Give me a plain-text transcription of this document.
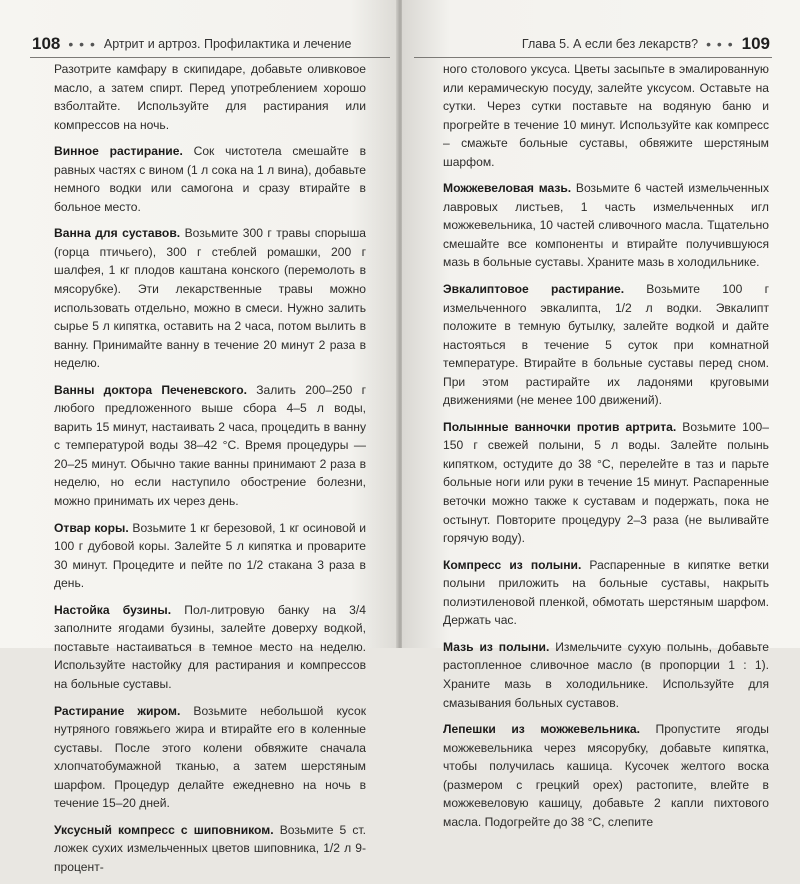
108 • • • Артрит и артроз. Профилактика и лечение

Разотрите камфару в скипидаре, добавьте оливковое масло, а затем спирт. Перед употреблением хорошо взболтайте. Используйте для растирания или компрессов на ночь.

Винное растирание. Сок чистотела смешайте в равных частях с вином (1 л сока на 1 л вина), добавьте немного водки или самогона и сразу втирайте в больное место.

Ванна для суставов. Возьмите 300 г травы спорыша (горца птичьего), 300 г стеблей ромашки, 200 г шалфея, 1 кг плодов каштана конского (перемолоть в мясорубке). Эти лекарственные травы можно использовать отдельно, можно в смеси. Нужно залить сырье 5 л кипятка, оставить на 2 часа, потом вылить в ванну. Принимайте ванну в течение 20 минут 2 раза в неделю.

Ванны доктора Печеневского. Залить 200–250 г любого предложенного выше сбора 4–5 л воды, варить 15 минут, настаивать 2 часа, процедить в ванну с температурой воды 38–42 °C. Время процедуры — 20–25 минут. Обычно такие ванны принимают 2 раза в неделю, но если наступило обострение болезни, можно принимать их через день.

Отвар коры. Возьмите 1 кг березовой, 1 кг осиновой и 100 г дубовой коры. Залейте 5 л кипятка и проварите 30 минут. Процедите и пейте по 1/2 стакана 3 раза в день.

Настойка бузины. Пол-литровую банку на 3/4 заполните ягодами бузины, залейте доверху водкой, поставьте настаиваться в темное место на неделю. Используйте настойку для растирания и компрессов на больные суставы.

Растирание жиром. Возьмите небольшой кусок нутряного говяжьего жира и втирайте его в коленные суставы. После этого колени обвяжите сначала хлопчатобумажной тканью, а затем шерстяным шарфом. Процедур делайте ежедневно на ночь в течение 15–20 дней.

Уксусный компресс с шиповником. Возьмите 5 ст. ложек сухих измельченных цветов шиповника, 1/2 л 9-процент-

Глава 5. А если без лекарств? • • • 109

ного столового уксуса. Цветы засыпьте в эмалированную или керамическую посуду, залейте уксусом. Оставьте на сутки. Через сутки поставьте на водяную баню и прогрейте в течение 10 минут. Используйте как компресс – смажьте больные суставы, обвяжите шерстяным шарфом.

Можжевеловая мазь. Возьмите 6 частей измельченных лавровых листьев, 1 часть измельченных игл можжевельника, 10 частей сливочного масла. Тщательно смешайте все компоненты и втирайте получившуюся мазь в больные суставы. Храните мазь в холодильнике.

Эвкалиптовое растирание. Возьмите 100 г измельченного эвкалипта, 1/2 л водки. Эвкалипт положите в темную бутылку, залейте водкой и дайте настояться в течение 5 суток при комнатной температуре. Втирайте в больные суставы перед сном. При этом растирайте их ладонями круговыми движениями (не менее 100 движений).

Полынные ванночки против артрита. Возьмите 100–150 г свежей полыни, 5 л воды. Залейте полынь кипятком, остудите до 38 °C, перелейте в таз и парьте больные ноги или руки в течение 15 минут. Распаренные веточки можно также к суставам и подержать, пока не остынут. Повторите процедуру 2–3 раза (не выливайте горячую воду).

Компресс из полыни. Распаренные в кипятке ветки полыни приложить на больные суставы, накрыть полиэтиленовой пленкой, обмотать шерстяным шарфом. Держать час.

Мазь из полыни. Измельчите сухую полынь, добавьте растопленное сливочное масло (в пропорции 1 : 1). Храните мазь в холодильнике. Используйте для смазывания больных суставов.

Лепешки из можжевельника. Пропустите ягоды можжевельника через мясорубку, добавьте кипятка, чтобы получилась кашица. Кусочек желтого воска (размером с грецкий орех) растопите, влейте в можжевеловую кашицу, добавьте 2 капли пихтового масла. Подогрейте до 38 °C, слепите
